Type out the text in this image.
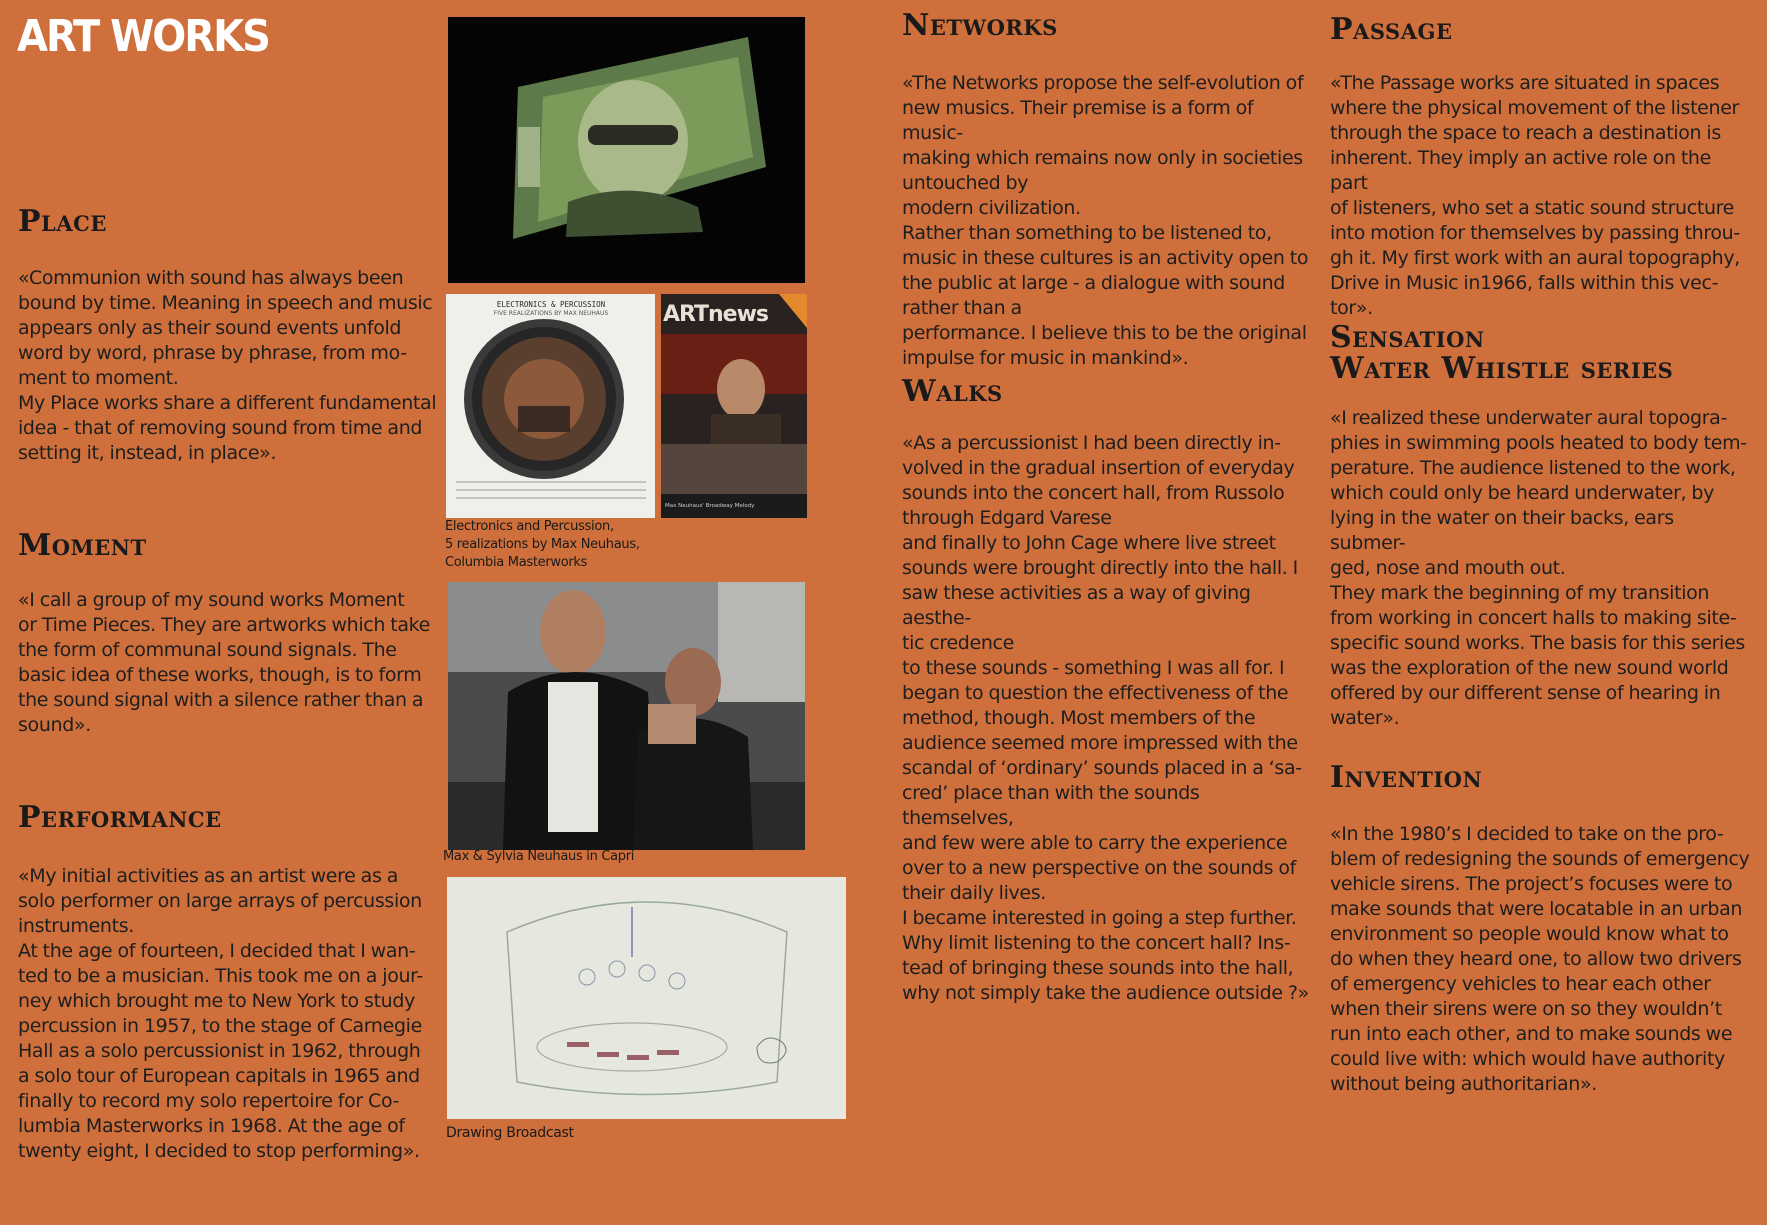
ART WORKS
Place

«Communion with sound has always been
bound by time. Meaning in speech and music
appears only as their sound events unfold
word by word, phrase by phrase, from mo-
ment to moment.
My Place works share a different fundamental
idea - that of removing sound from time and
setting it, instead, in place».

Moment

«I call a group of my sound works Moment
or Time Pieces. They are artworks which take
the form of communal sound signals. The
basic idea of these works, though, is to form
the sound signal with a silence rather than a
sound».

Performance

«My initial activities as an artist were as a
solo performer on large arrays of percussion
instruments.
At the age of fourteen, I decided that I wan-
ted to be a musician. This took me on a jour-
ney which brought me to New York to study
percussion in 1957, to the stage of Carnegie
Hall as a solo percussionist in 1962, through
a solo tour of European capitals in 1965 and
finally to record my solo repertoire for Co-
lumbia Masterworks in 1968. At the age of
twenty eight, I decided to stop performing».

ELECTRONICS & PERCUSSION
FIVE REALIZATIONS BY MAX NEUHAUS	ARTnews
Max Neuhaus' Broadway Melody

Electronics and Percussion,
5 realizations by Max Neuhaus,
Columbia Masterworks

Max & Sylvia Neuhaus in Capri

Drawing Broadcast

Networks

«The Networks propose the self-evolution of
new musics. Their premise is a form of music-
making which remains now only in societies
untouched by
modern civilization.
Rather than something to be listened to,
music in these cultures is an activity open to
the public at large - a dialogue with sound
rather than a
performance. I believe this to be the original
impulse for music in mankind».

Walks

«As a percussionist I had been directly in-
volved in the gradual insertion of everyday
sounds into the concert hall, from Russolo
through Edgard Varese
and finally to John Cage where live street
sounds were brought directly into the hall. I
saw these activities as a way of giving aesthe-
tic credence
to these sounds - something I was all for. I
began to question the effectiveness of the
method, though. Most members of the
audience seemed more impressed with the
scandal of ‘ordinary’ sounds placed in a ‘sa-
cred’ place than with the sounds themselves,
and few were able to carry the experience
over to a new perspective on the sounds of
their daily lives.
I became interested in going a step further.
Why limit listening to the concert hall? Ins-
tead of bringing these sounds into the hall,
why not simply take the audience outside ?»

Passage

«The Passage works are situated in spaces
where the physical movement of the listener
through the space to reach a destination is
inherent. They imply an active role on the part
of listeners, who set a static sound structure
into motion for themselves by passing throu-
gh it. My first work with an aural topography,
Drive in Music in1966, falls within this vec-
tor».

Sensation
Water Whistle series

«I realized these underwater aural topogra-
phies in swimming pools heated to body tem-
perature. The audience listened to the work,
which could only be heard underwater, by
lying in the water on their backs, ears submer-
ged, nose and mouth out.
They mark the beginning of my transition
from working in concert halls to making site-
specific sound works. The basis for this series
was the exploration of the new sound world
offered by our different sense of hearing in
water».

Invention

«In the 1980’s I decided to take on the pro-
blem of redesigning the sounds of emergency
vehicle sirens. The project’s focuses were to
make sounds that were locatable in an urban
environment so people would know what to
do when they heard one, to allow two drivers
of emergency vehicles to hear each other
when their sirens were on so they wouldn’t
run into each other, and to make sounds we
could live with: which would have authority
without being authoritarian».
